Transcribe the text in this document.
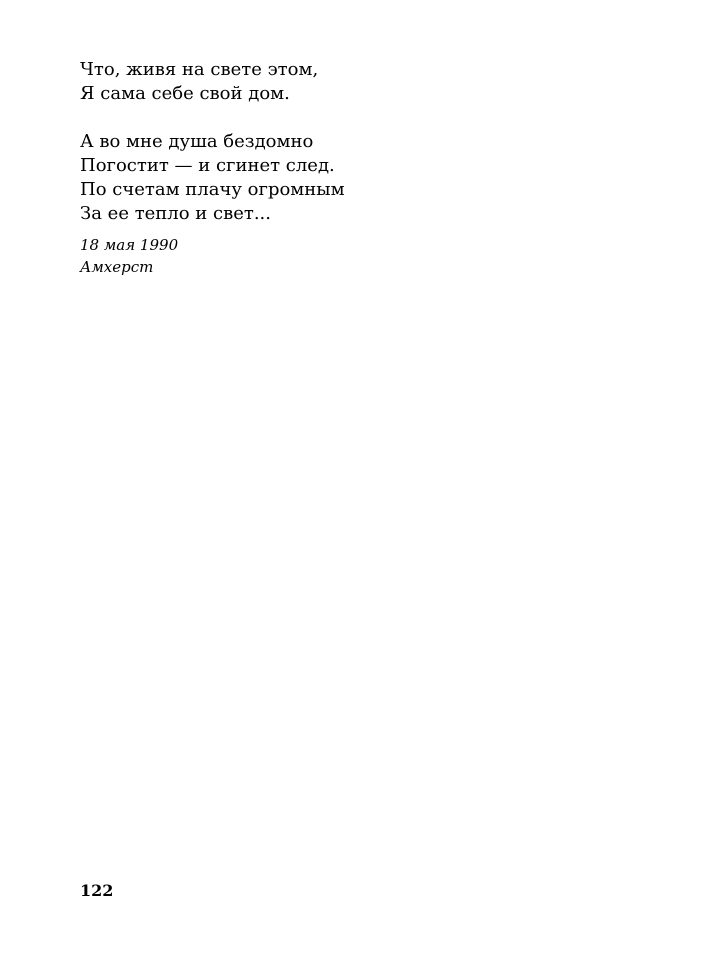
Что, живя на свете этом,
Я сама себе свой дом.
А во мне душа бездомно
Погостит — и сгинет след.
По счетам плачу огромным
За ее тепло и свет...
18 мая 1990
Амхерст
122
